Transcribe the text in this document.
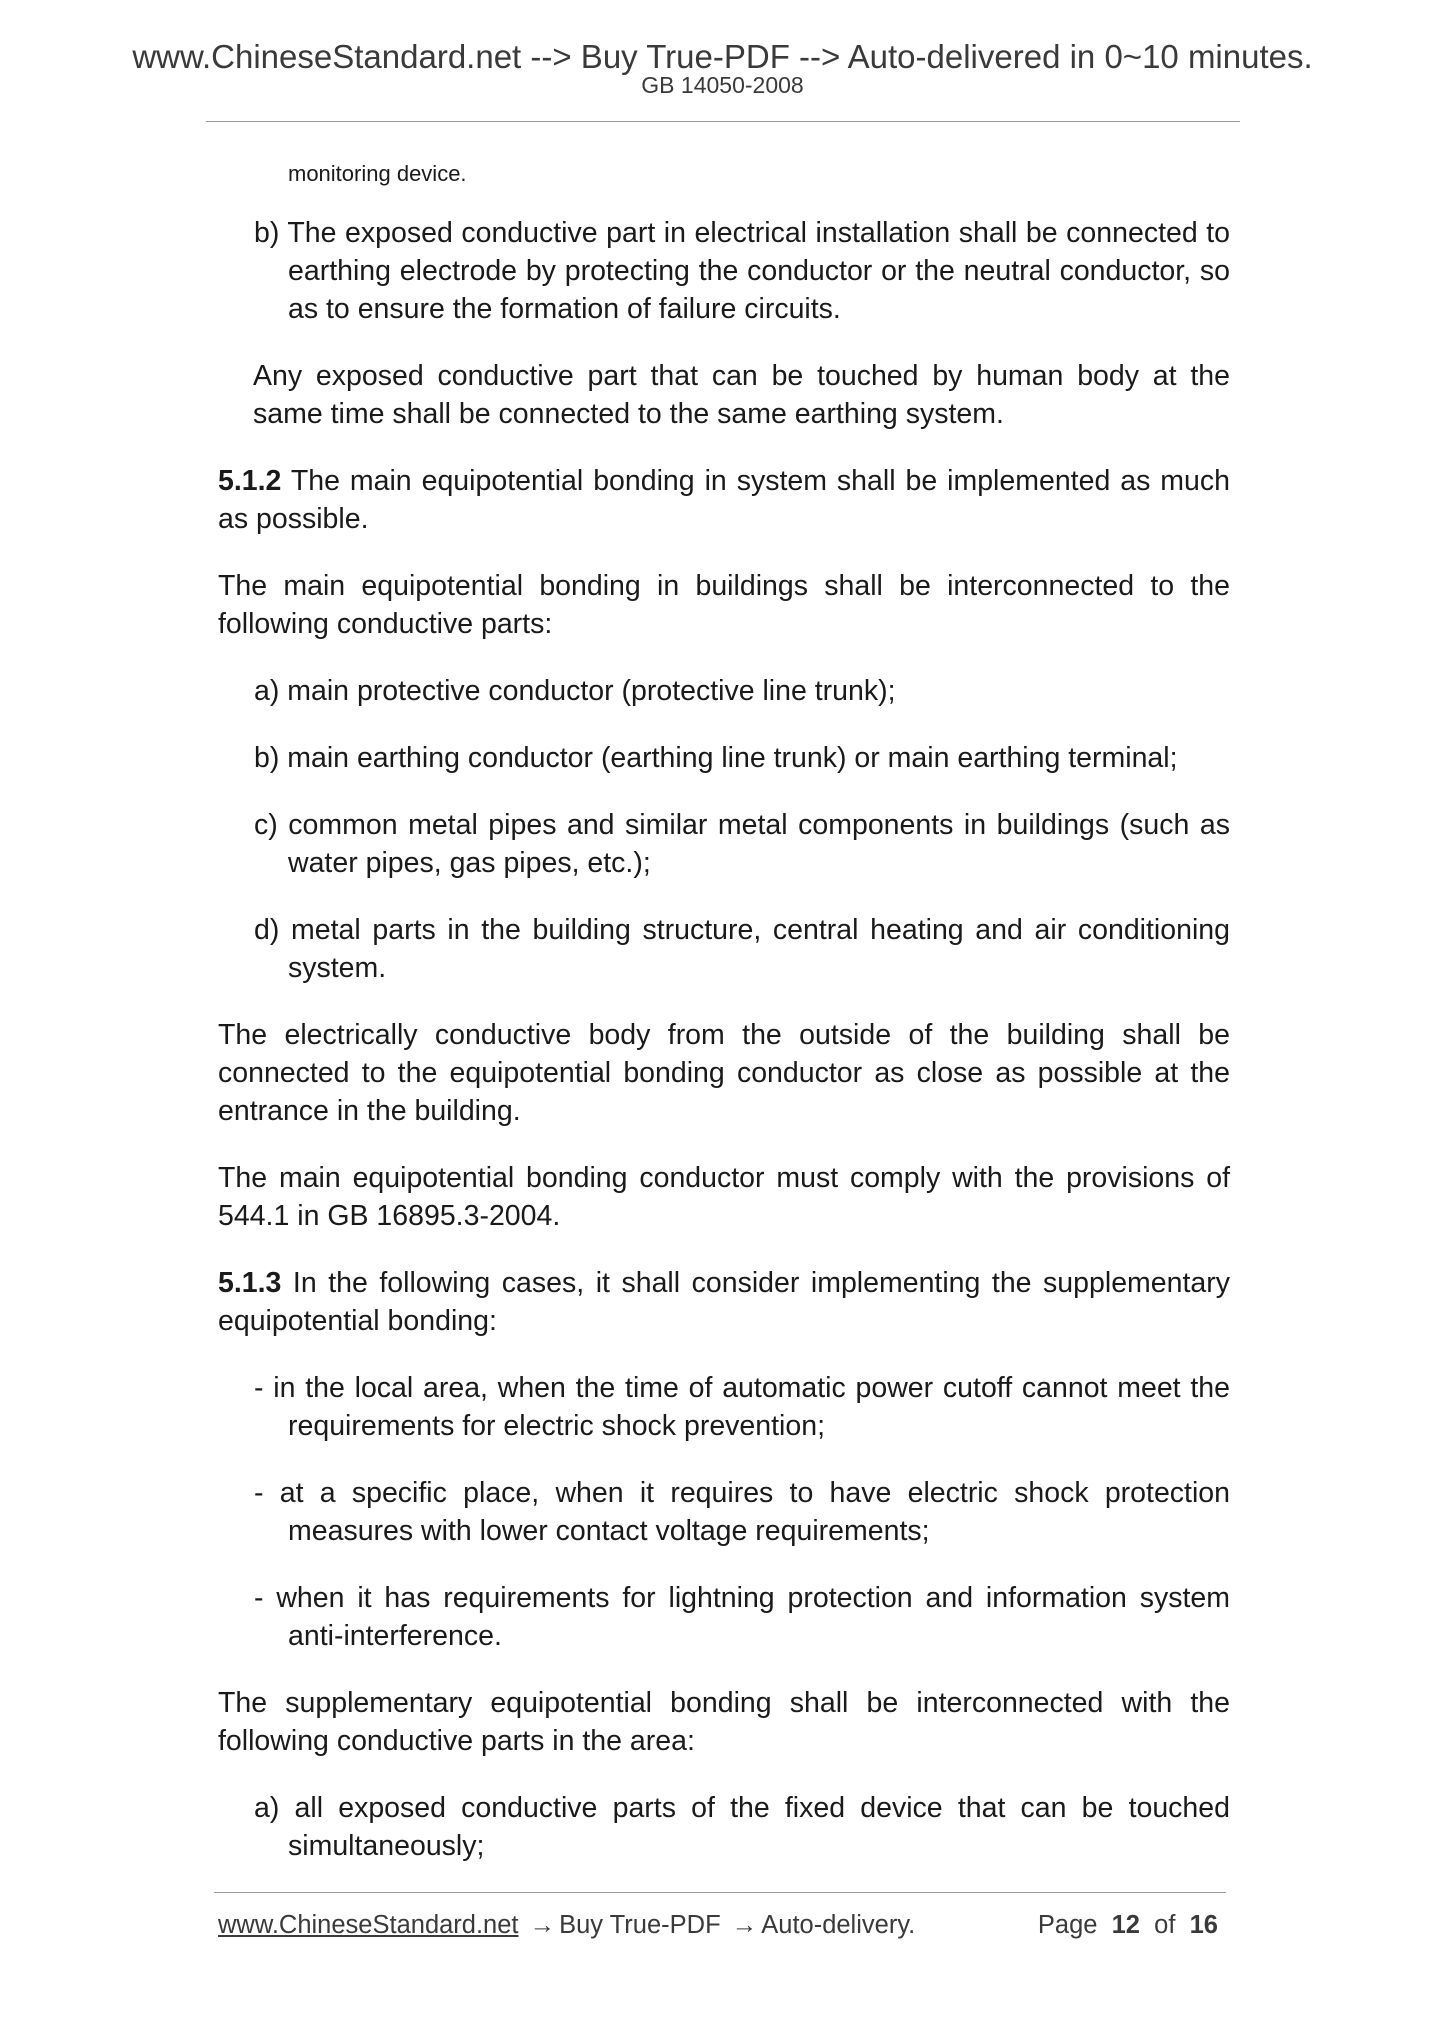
www.ChineseStandard.net --> Buy True-PDF --> Auto-delivered in 0~10 minutes.
GB 14050-2008
monitoring device.
b) The exposed conductive part in electrical installation shall be connected to earthing electrode by protecting the conductor or the neutral conductor, so as to ensure the formation of failure circuits.
Any exposed conductive part that can be touched by human body at the same time shall be connected to the same earthing system.
5.1.2 The main equipotential bonding in system shall be implemented as much as possible.
The main equipotential bonding in buildings shall be interconnected to the following conductive parts:
a) main protective conductor (protective line trunk);
b) main earthing conductor (earthing line trunk) or main earthing terminal;
c) common metal pipes and similar metal components in buildings (such as water pipes, gas pipes, etc.);
d) metal parts in the building structure, central heating and air conditioning system.
The electrically conductive body from the outside of the building shall be connected to the equipotential bonding conductor as close as possible at the entrance in the building.
The main equipotential bonding conductor must comply with the provisions of 544.1 in GB 16895.3-2004.
5.1.3 In the following cases, it shall consider implementing the supplementary equipotential bonding:
- in the local area, when the time of automatic power cutoff cannot meet the requirements for electric shock prevention;
- at a specific place, when it requires to have electric shock protection measures with lower contact voltage requirements;
- when it has requirements for lightning protection and information system anti-interference.
The supplementary equipotential bonding shall be interconnected with the following conductive parts in the area:
a) all exposed conductive parts of the fixed device that can be touched simultaneously;
www.ChineseStandard.net → Buy True-PDF → Auto-delivery.	Page 12 of 16
